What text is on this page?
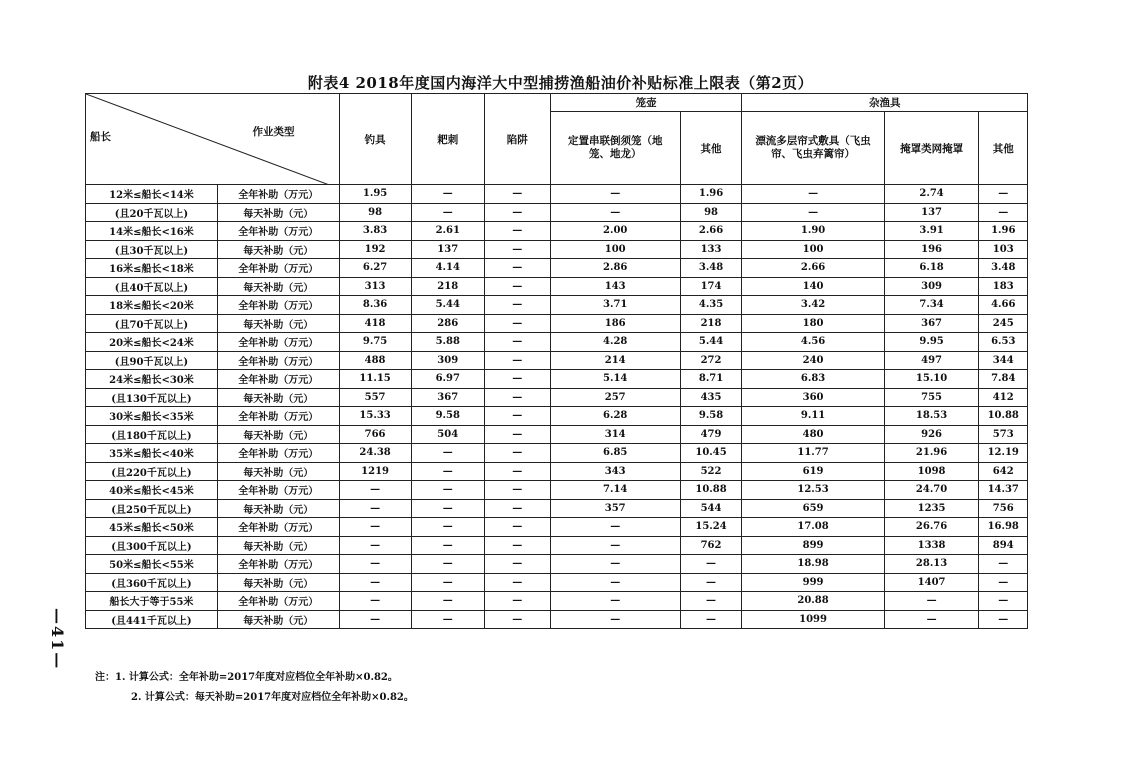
附表4 2018年度国内海洋大中型捕捞渔船油价补贴标准上限表（第2页）
作业类型
船长		钓具	耙刺	陷阱	笼壶		杂渔具		
					定置串联倒须笼（地笼、地龙）	其他	漂流多层帘式敷具（飞虫帘、飞虫弃篱帘）	掩罩类网掩罩	其他
12米≤船长<14米	全年补助（万元）	1.95	—	—	—	1.96	—	2.74	—
(且20千瓦以上)	每天补助（元）	98	—	—	—	98	—	137	—
14米≤船长<16米	全年补助（万元）	3.83	2.61	—	2.00	2.66	1.90	3.91	1.96
(且30千瓦以上)	每天补助（元）	192	137	—	100	133	100	196	103
16米≤船长<18米	全年补助（万元）	6.27	4.14	—	2.86	3.48	2.66	6.18	3.48
(且40千瓦以上)	每天补助（元）	313	218	—	143	174	140	309	183
18米≤船长<20米	全年补助（万元）	8.36	5.44	—	3.71	4.35	3.42	7.34	4.66
(且70千瓦以上)	每天补助（元）	418	286	—	186	218	180	367	245
20米≤船长<24米	全年补助（万元）	9.75	5.88	—	4.28	5.44	4.56	9.95	6.53
(且90千瓦以上)	全年补助（万元）	488	309	—	214	272	240	497	344
24米≤船长<30米	全年补助（万元）	11.15	6.97	—	5.14	8.71	6.83	15.10	7.84
(且130千瓦以上)	每天补助（元）	557	367	—	257	435	360	755	412
30米≤船长<35米	全年补助（万元）	15.33	9.58	—	6.28	9.58	9.11	18.53	10.88
(且180千瓦以上)	每天补助（元）	766	504	—	314	479	480	926	573
35米≤船长<40米	全年补助（万元）	24.38	—	—	6.85	10.45	11.77	21.96	12.19
(且220千瓦以上)	每天补助（元）	1219	—	—	343	522	619	1098	642
40米≤船长<45米	全年补助（万元）	—	—	—	7.14	10.88	12.53	24.70	14.37
(且250千瓦以上)	每天补助（元）	—	—	—	357	544	659	1235	756
45米≤船长<50米	全年补助（万元）	—	—	—	—	15.24	17.08	26.76	16.98
(且300千瓦以上)	每天补助（元）	—	—	—	—	762	899	1338	894
50米≤船长<55米	全年补助（万元）	—	—	—	—	—	18.98	28.13	—
(且360千瓦以上)	每天补助（元）	—	—	—	—	—	999	1407	—
船长大于等于55米	全年补助（万元）	—	—	—	—	—	20.88	—	—
(且441千瓦以上)	每天补助（元）	—	—	—	—	—	1099	—	—
注：1. 计算公式：全年补助=2017年度对应档位全年补助×0.82。
2. 计算公式：每天补助=2017年度对应档位全年补助×0.82。
—41—
